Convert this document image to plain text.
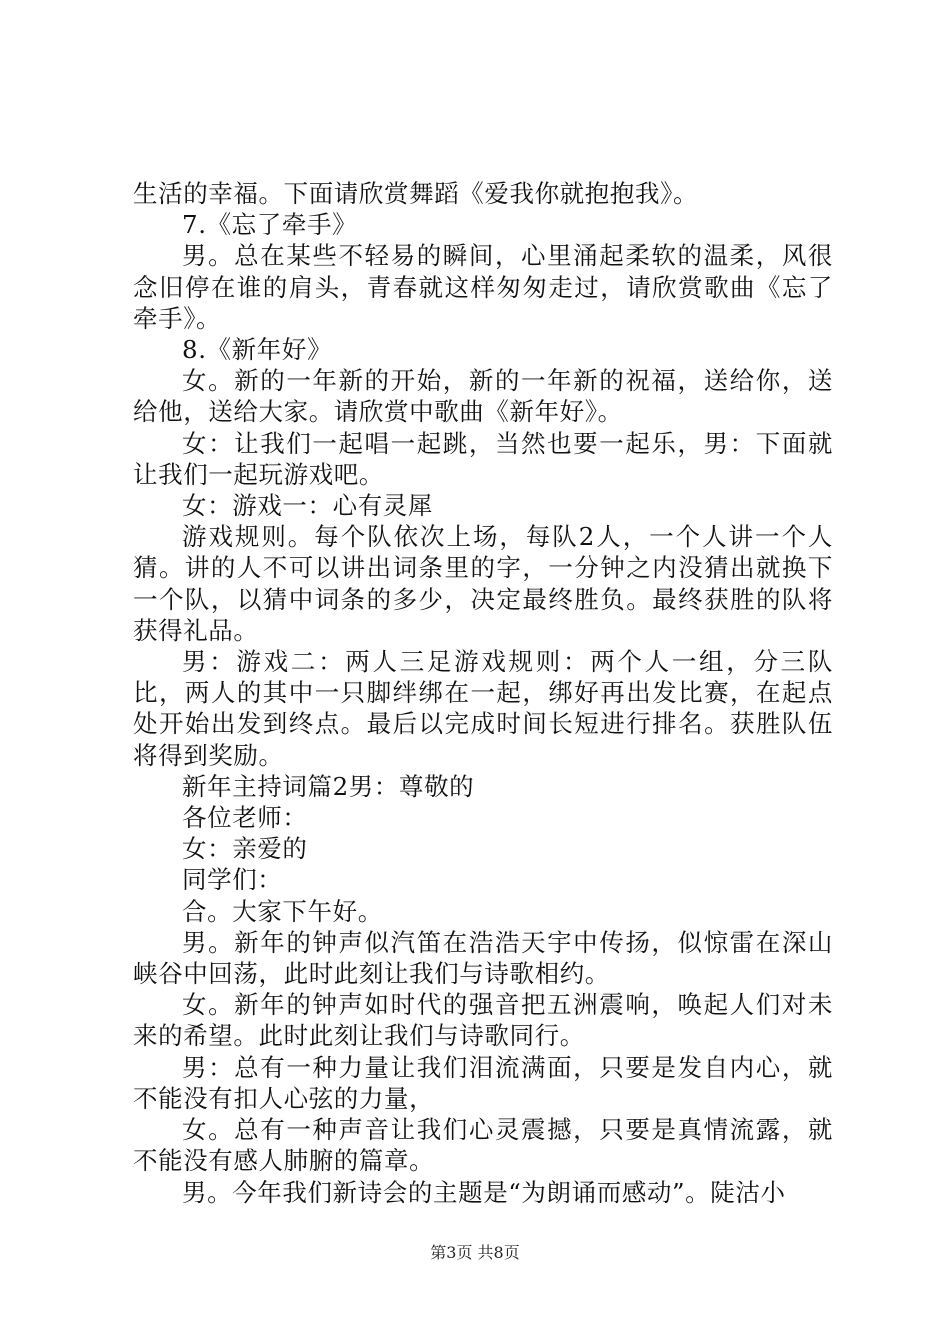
生活的幸福。下面请欣赏舞蹈《爱我你就抱抱我》。

7.《忘了牵手》

男。总在某些不轻易的瞬间，心里涌起柔软的温柔，风很念旧停在谁的肩头，青春就这样匆匆走过，请欣赏歌曲《忘了牵手》。

8.《新年好》

女。新的一年新的开始，新的一年新的祝福，送给你，送给他，送给大家。请欣赏中歌曲《新年好》。

女：让我们一起唱一起跳，当然也要一起乐，男：下面就让我们一起玩游戏吧。

女：游戏一：心有灵犀

游戏规则。每个队依次上场，每队2人，一个人讲一个人猜。讲的人不可以讲出词条里的字，一分钟之内没猜出就换下一个队，以猜中词条的多少，决定最终胜负。最终获胜的队将获得礼品。

男：游戏二：两人三足游戏规则：两个人一组，分三队比，两人的其中一只脚绊绑在一起，绑好再出发比赛，在起点处开始出发到终点。最后以完成时间长短进行排名。获胜队伍将得到奖励。

新年主持词篇2男：尊敬的

各位老师：

女：亲爱的

同学们：

合。大家下午好。

男。新年的钟声似汽笛在浩浩天宇中传扬，似惊雷在深山峡谷中回荡，此时此刻让我们与诗歌相约。

女。新年的钟声如时代的强音把五洲震响，唤起人们对未来的希望。此时此刻让我们与诗歌同行。

男：总有一种力量让我们泪流满面，只要是发自内心，就不能没有扣人心弦的力量，

女。总有一种声音让我们心灵震撼，只要是真情流露，就不能没有感人肺腑的篇章。

男。今年我们新诗会的主题是“为朗诵而感动”。陡沽小

第3页 共8页
